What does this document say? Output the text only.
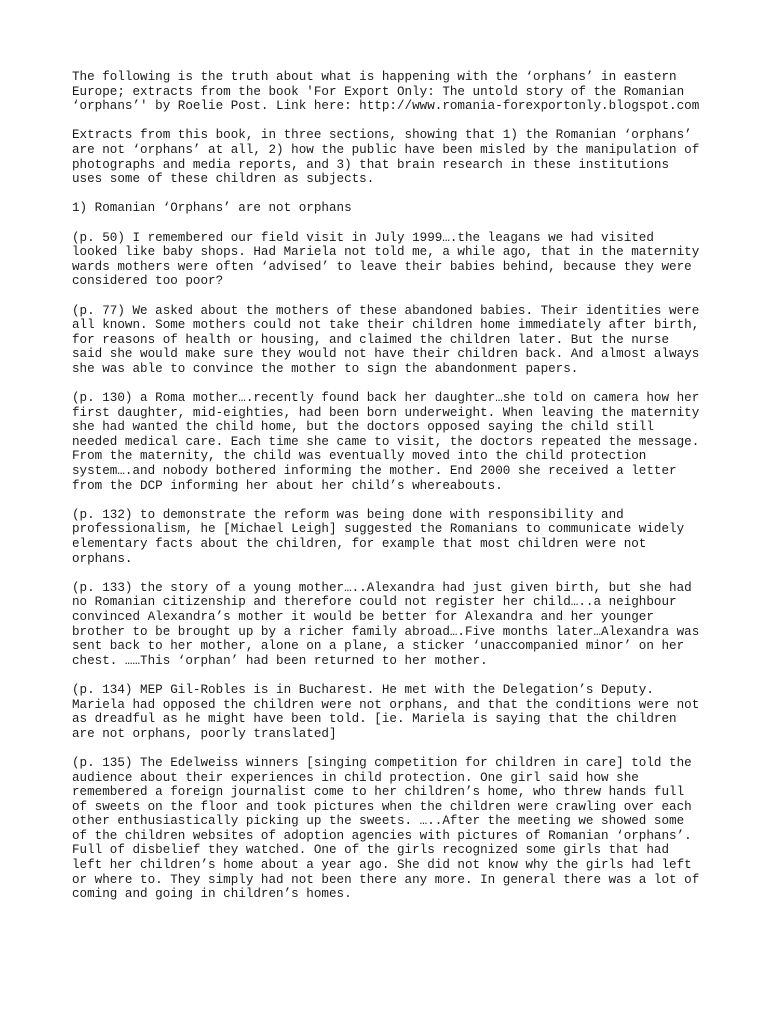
The following is the truth about what is happening with the ‘orphans’ in eastern Europe; extracts from the book 'For Export Only: The untold story of the Romanian ‘orphans’' by Roelie Post. Link here: http://www.romania-forexportonly.blogspot.com

Extracts from this book, in three sections, showing that 1) the Romanian ‘orphans’ are not ‘orphans’ at all, 2) how the public have been misled by the manipulation of photographs and media reports, and 3) that brain research in these institutions uses some of these children as subjects.

1) Romanian ‘Orphans’ are not orphans

(p. 50) I remembered our field visit in July 1999….the leagans we had visited looked like baby shops. Had Mariela not told me, a while ago, that in the maternity wards mothers were often ‘advised’ to leave their babies behind, because they were considered too poor?

(p. 77) We asked about the mothers of these abandoned babies. Their identities were all known. Some mothers could not take their children home immediately after birth, for reasons of health or housing, and claimed the children later. But the nurse said she would make sure they would not have their children back. And almost always she was able to convince the mother to sign the abandonment papers.

(p. 130) a Roma mother….recently found back her daughter…she told on camera how her first daughter, mid-eighties, had been born underweight. When leaving the maternity she had wanted the child home, but the doctors opposed saying the child still needed medical care. Each time she came to visit, the doctors repeated the message. From the maternity, the child was eventually moved into the child protection system….and nobody bothered informing the mother. End 2000 she received a letter from the DCP informing her about her child’s whereabouts.

(p. 132) to demonstrate the reform was being done with responsibility and professionalism, he [Michael Leigh] suggested the Romanians to communicate widely elementary facts about the children, for example that most children were not orphans.

(p. 133) the story of a young mother…..Alexandra had just given birth, but she had no Romanian citizenship and therefore could not register her child…..a neighbour convinced Alexandra’s mother it would be better for Alexandra and her younger brother to be brought up by a richer family abroad….Five months later…Alexandra was sent back to her mother, alone on a plane, a sticker ‘unaccompanied minor’ on her chest. ……This ‘orphan’ had been returned to her mother.

(p. 134) MEP Gil-Robles is in Bucharest. He met with the Delegation’s Deputy. Mariela had opposed the children were not orphans, and that the conditions were not as dreadful as he might have been told. [ie. Mariela is saying that the children are not orphans, poorly translated]

(p. 135) The Edelweiss winners [singing competition for children in care] told the audience about their experiences in child protection. One girl said how she remembered a foreign journalist come to her children’s home, who threw hands full of sweets on the floor and took pictures when the children were crawling over each other enthusiastically picking up the sweets. …..After the meeting we showed some of the children websites of adoption agencies with pictures of Romanian ‘orphans’. Full of disbelief they watched. One of the girls recognized some girls that had left her children’s home about a year ago. She did not know why the girls had left or where to. They simply had not been there any more. In general there was a lot of coming and going in children’s homes.
